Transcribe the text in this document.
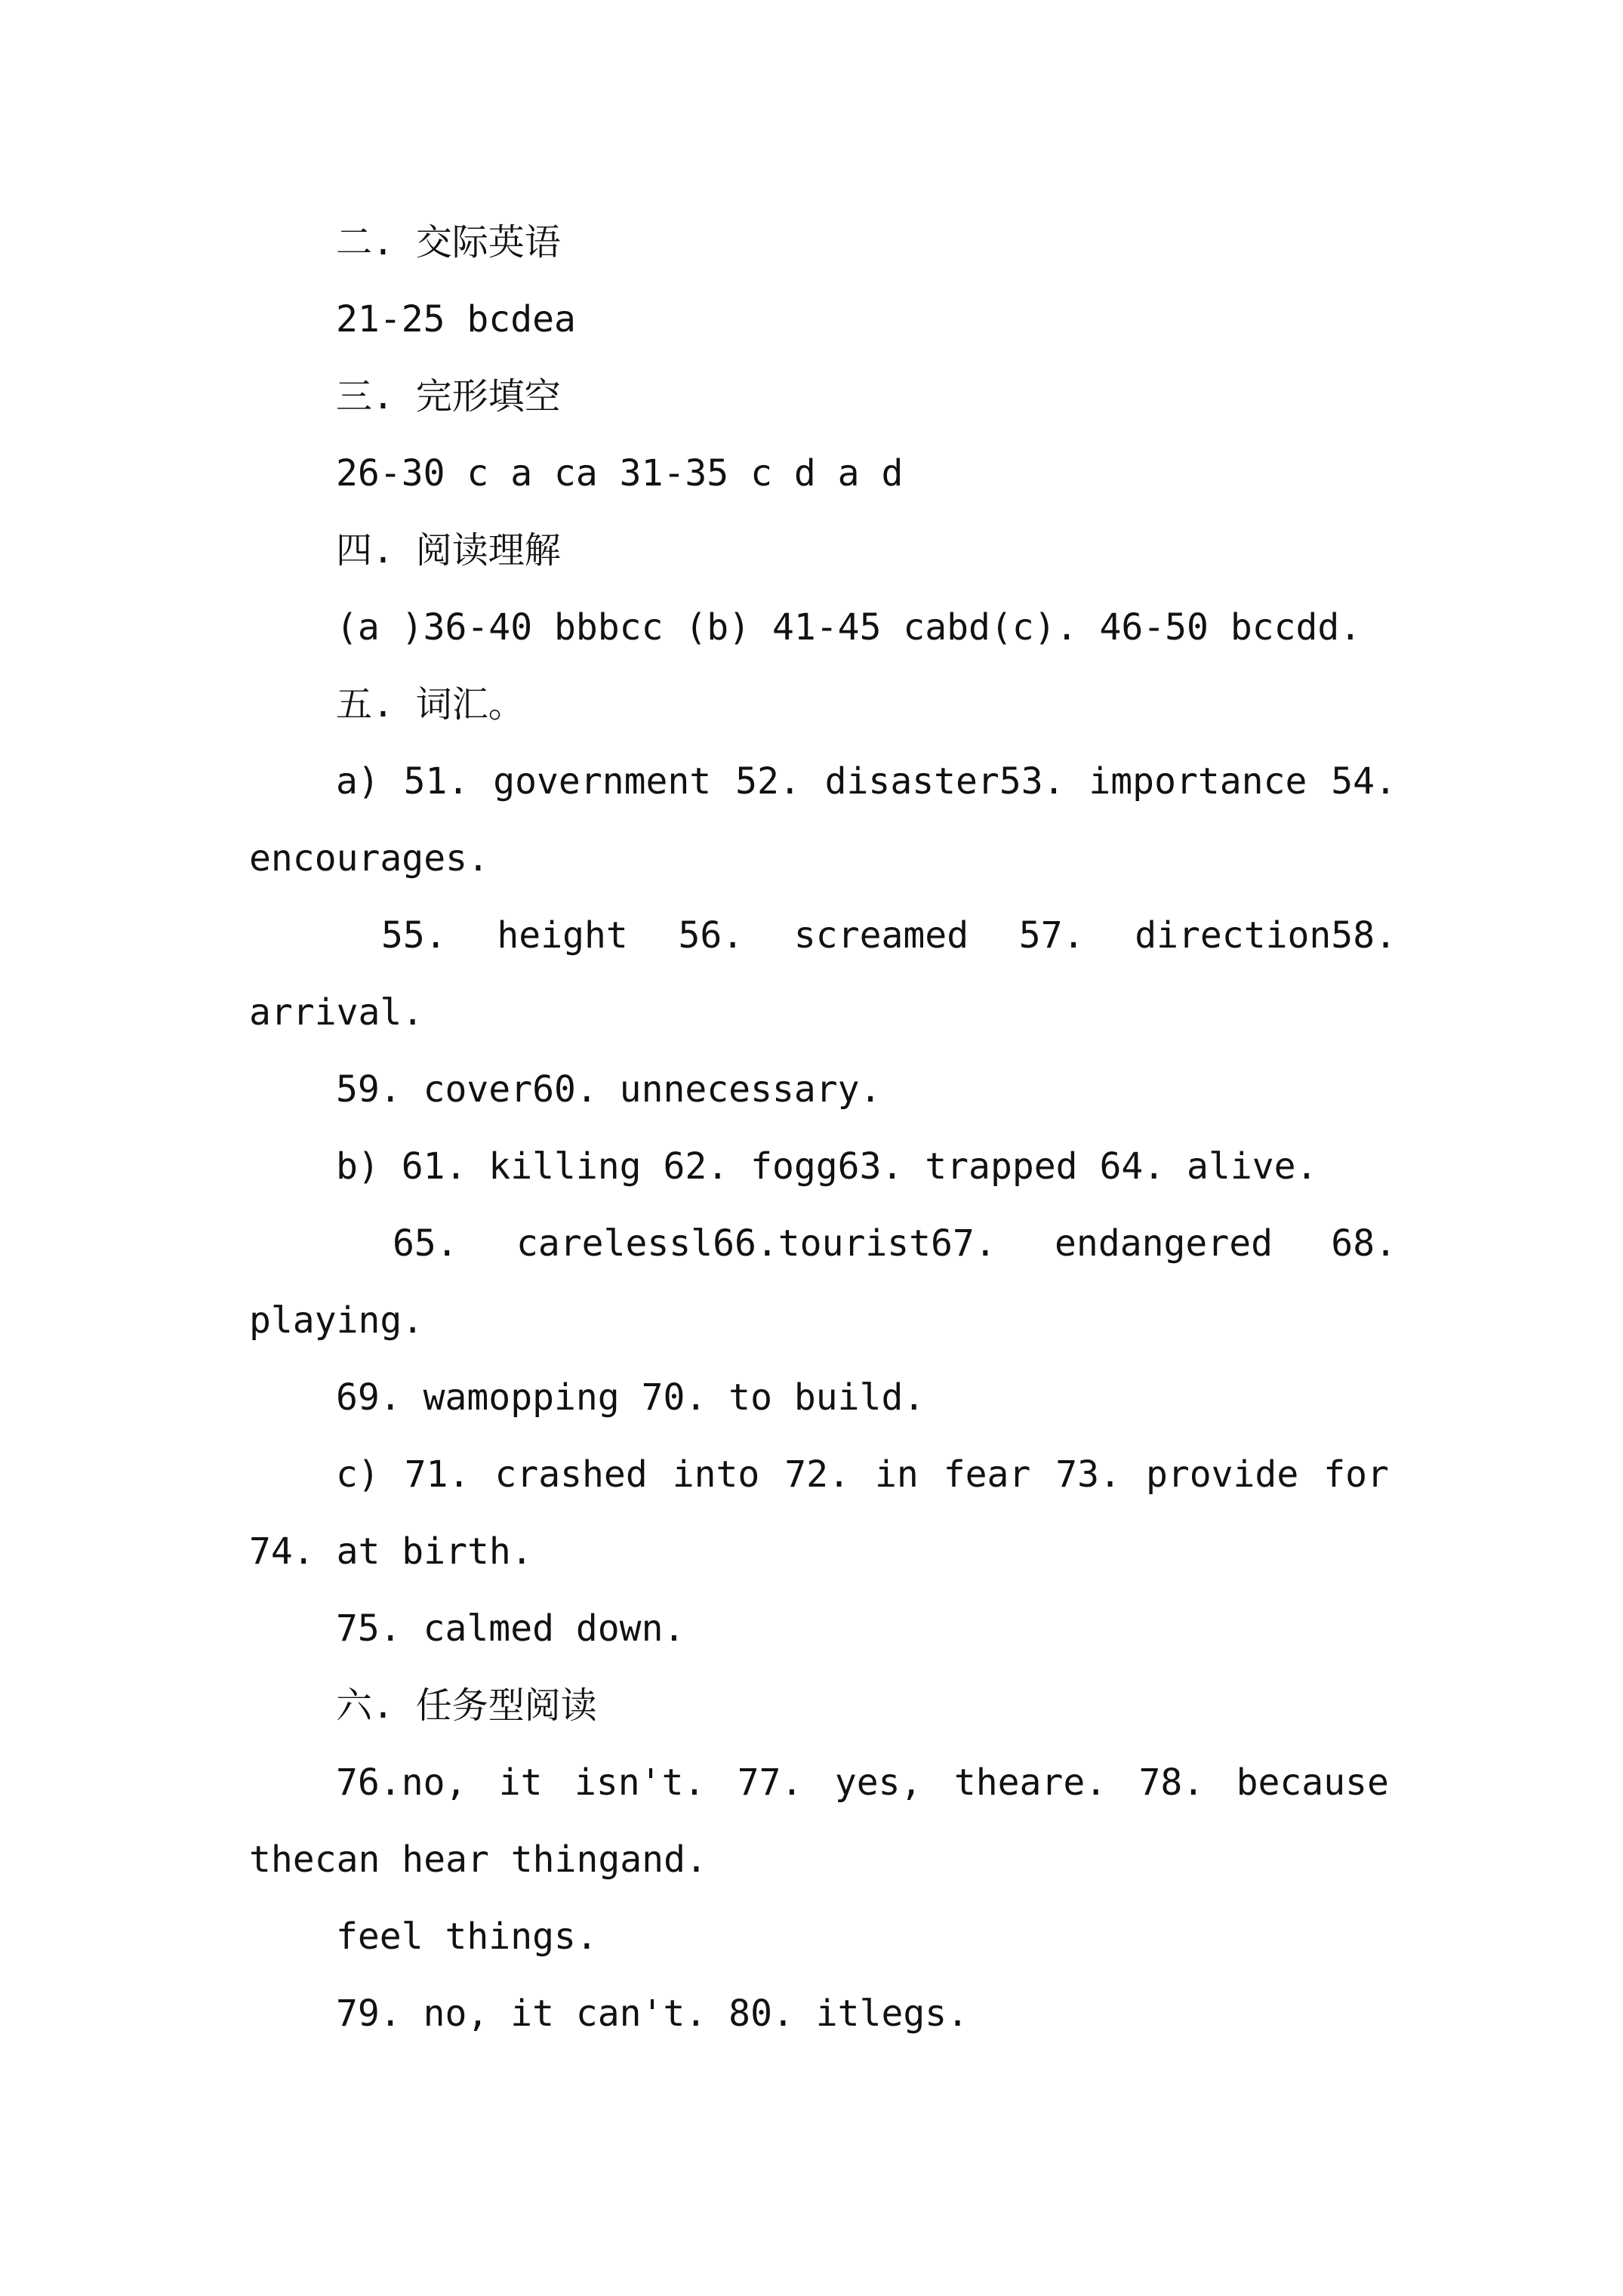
二. 交际英语

21-25 bcdea

三. 完形填空

26-30 c a ca 31-35 c d a d

四. 阅读理解

(a )36-40 bbbcc (b) 41-45 cabd(c). 46-50 bccdd.

五. 词汇。

a) 51. government 52. disaster53. importance 54.

encourages.

55. height 56. screamed 57. direction58.

arrival.

59. cover60. unnecessary.

b) 61. killing 62. fogg63. trapped 64. alive.

65. carelessl66.tourist67. endangered 68.

playing.

69. wamopping 70. to build.

c) 71. crashed into 72. in fear 73. provide for

74. at birth.

75. calmed down.

六. 任务型阅读

76.no, it isn't. 77. yes, theare. 78. because

thecan hear thingand.

feel things.

79. no, it can't. 80. itlegs.
